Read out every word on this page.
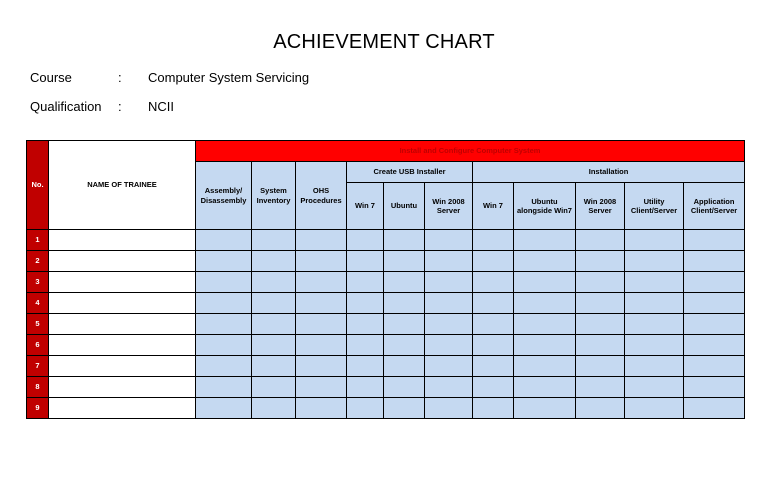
ACHIEVEMENT CHART
Course	: Computer System Servicing
Qualification : NCII
No.	NAME OF TRAINEE	Install and Configure Computer System										
		Assembly/ Disassembly	System Inventory	OHS Procedures	Create USB Installer			Installation				
					Win 7	Ubuntu	Win 2008 Server	Win 7	Ubuntu alongside Win7	Win 2008 Server	Utility Client/Server	Application Client/Server
1												
2												
3												
4												
5												
6												
7												
8												
9												
